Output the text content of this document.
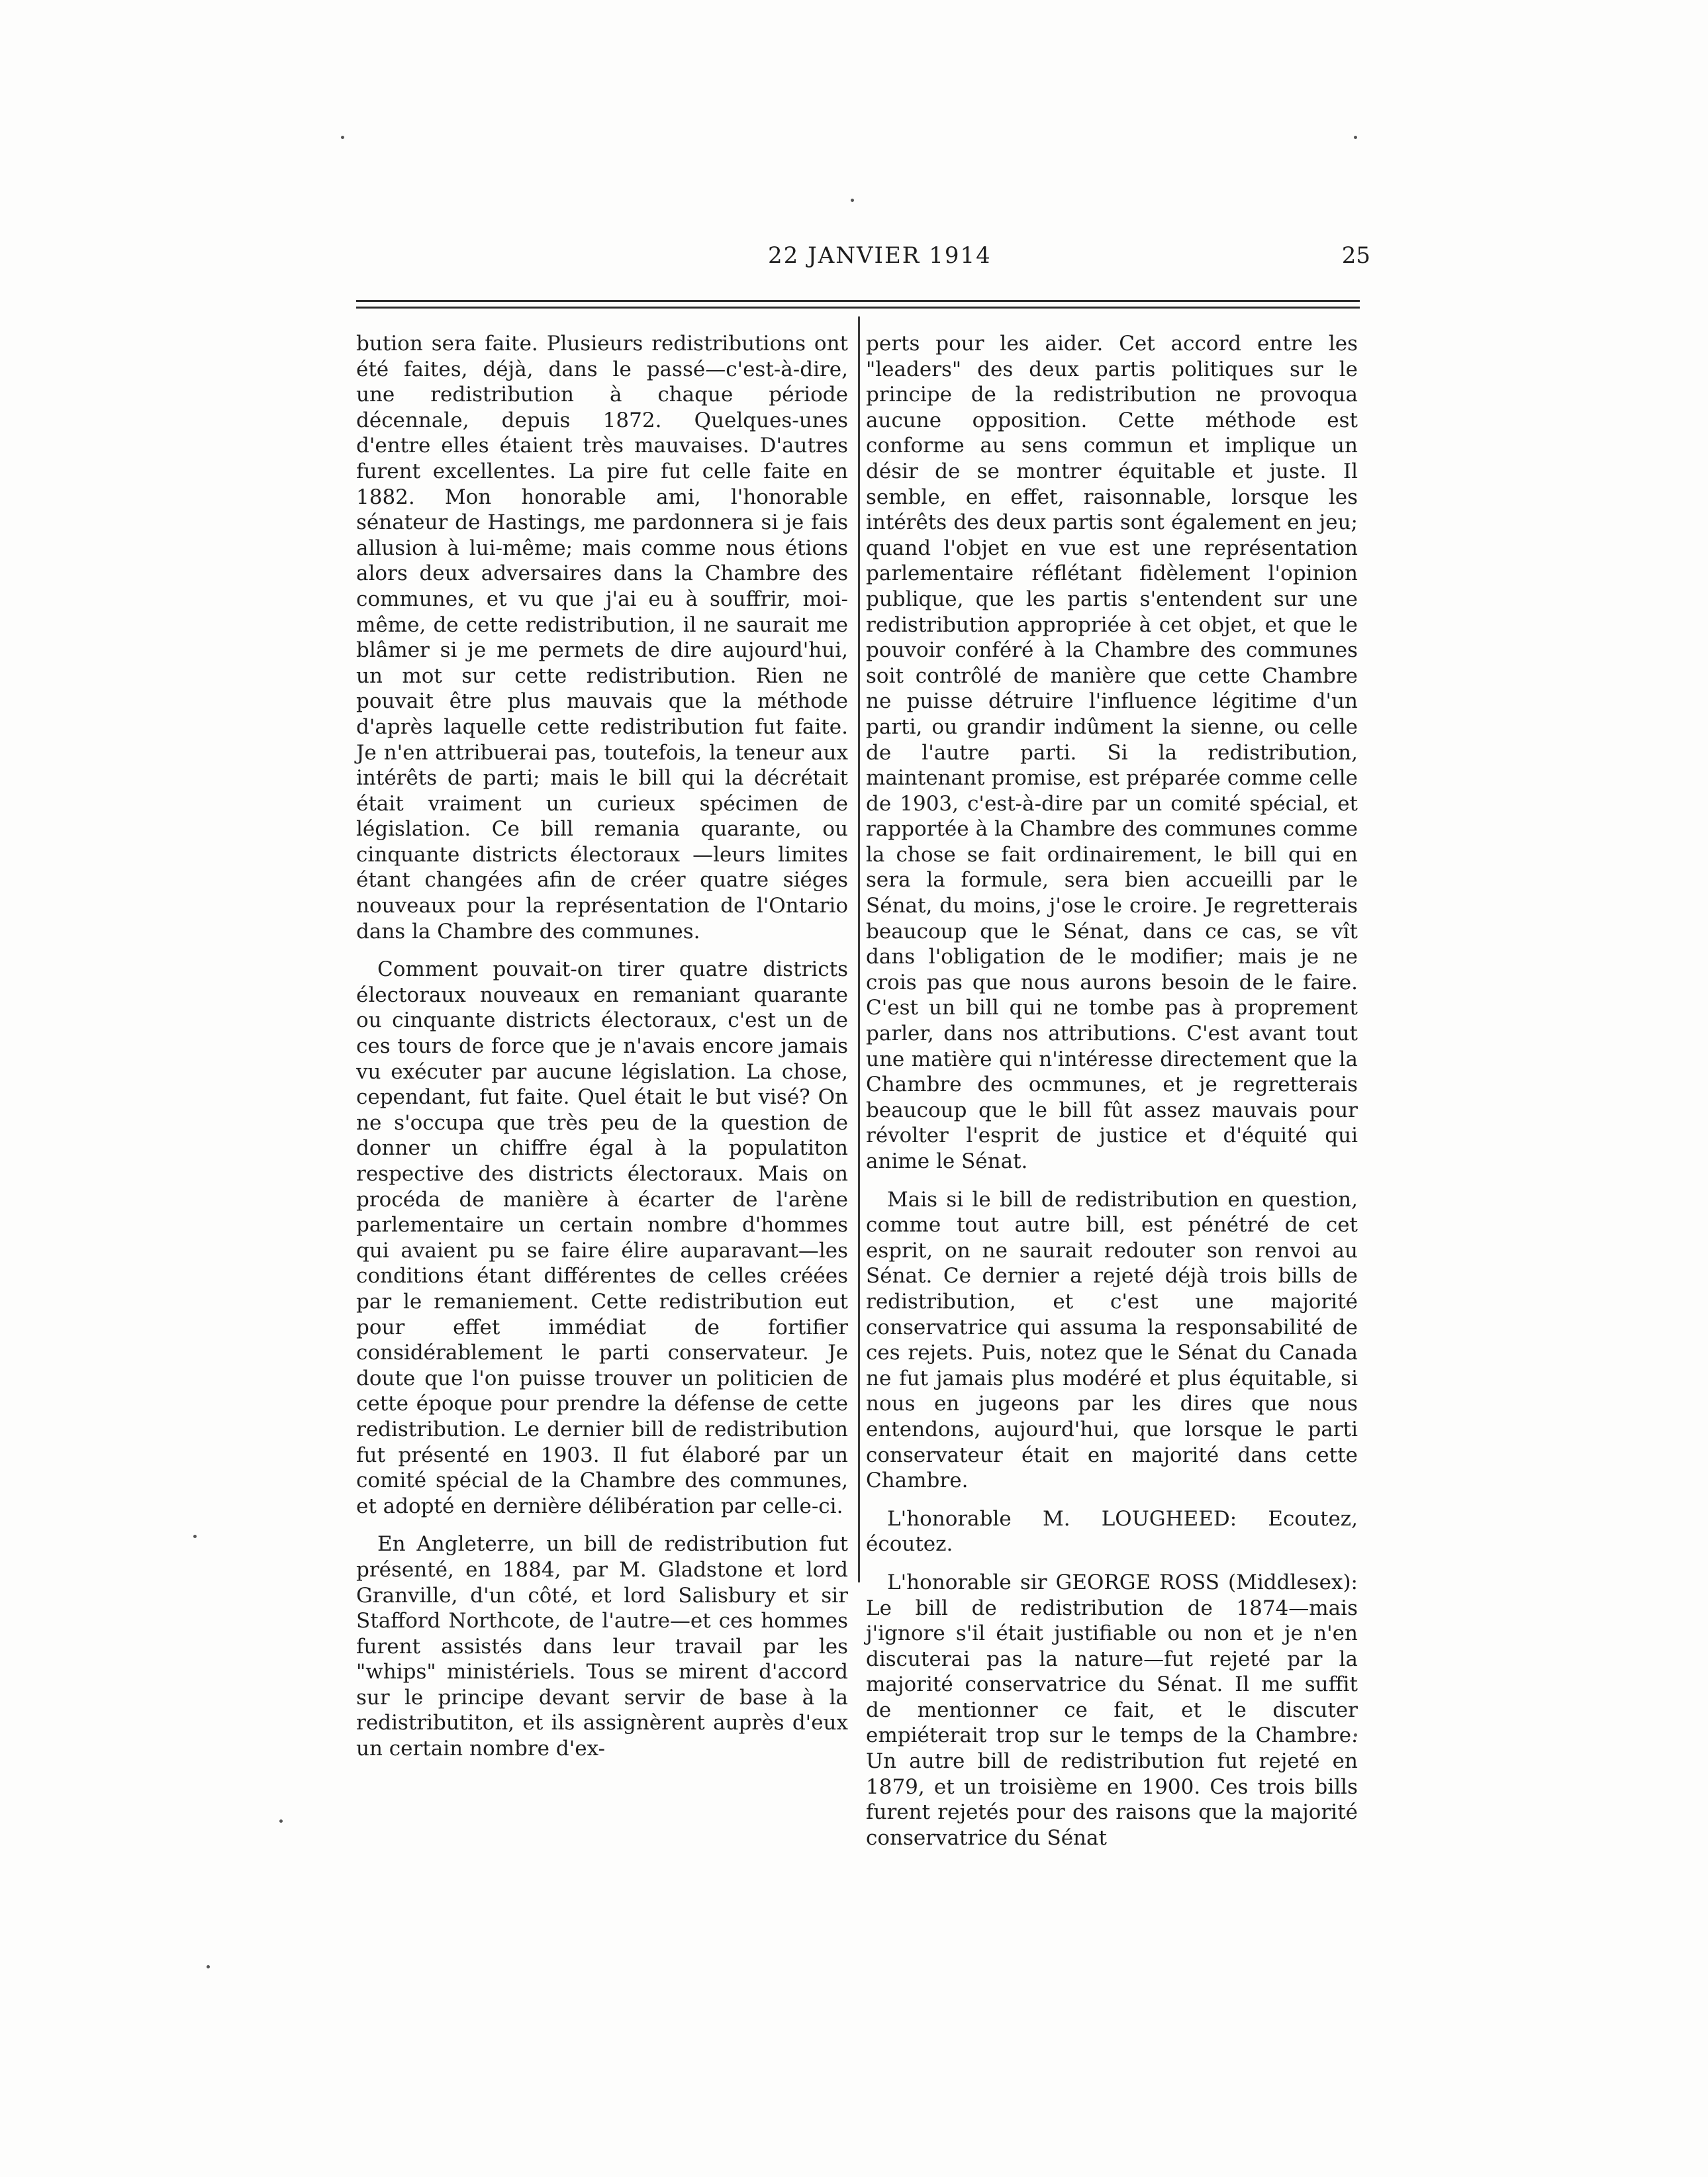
22 JANVIER 1914	25

bution sera faite. Plusieurs redistributions ont été faites, déjà, dans le passé—c'est-à-dire, une redistribution à chaque période décennale, depuis 1872. Quelques-unes d'entre elles étaient très mauvaises. D'autres furent excellentes. La pire fut celle faite en 1882. Mon honorable ami, l'honorable sénateur de Hastings, me pardonnera si je fais allusion à lui-même; mais comme nous étions alors deux adversaires dans la Chambre des communes, et vu que j'ai eu à souffrir, moi-même, de cette redistribution, il ne saurait me blâmer si je me permets de dire aujourd'hui, un mot sur cette redistribution. Rien ne pouvait être plus mauvais que la méthode d'après laquelle cette redistribution fut faite. Je n'en attribuerai pas, toutefois, la teneur aux intérêts de parti; mais le bill qui la décrétait était vraiment un curieux spécimen de législation. Ce bill remania quarante, ou cinquante districts électoraux —leurs limites étant changées afin de créer quatre siéges nouveaux pour la représentation de l'Ontario dans la Chambre des communes.

Comment pouvait-on tirer quatre districts électoraux nouveaux en remaniant quarante ou cinquante districts électoraux, c'est un de ces tours de force que je n'avais encore jamais vu exécuter par aucune législation. La chose, cependant, fut faite. Quel était le but visé? On ne s'occupa que très peu de la question de donner un chiffre égal à la populatiton respective des districts électoraux. Mais on procéda de manière à écarter de l'arène parlementaire un certain nombre d'hommes qui avaient pu se faire élire auparavant—les conditions étant différentes de celles créées par le remaniement. Cette redistribution eut pour effet immédiat de fortifier considérablement le parti conservateur. Je doute que l'on puisse trouver un politicien de cette époque pour prendre la défense de cette redistribution. Le dernier bill de redistribution fut présenté en 1903. Il fut élaboré par un comité spécial de la Chambre des communes, et adopté en dernière délibération par celle-ci.

En Angleterre, un bill de redistribution fut présenté, en 1884, par M. Gladstone et lord Granville, d'un côté, et lord Salisbury et sir Stafford Northcote, de l'autre—et ces hommes furent assistés dans leur travail par les "whips" ministériels. Tous se mirent d'accord sur le principe devant servir de base à la redistributiton, et ils assignèrent auprès d'eux un certain nombre d'ex-

perts pour les aider. Cet accord entre les "leaders" des deux partis politiques sur le principe de la redistribution ne provoqua aucune opposition. Cette méthode est conforme au sens commun et implique un désir de se montrer équitable et juste. Il semble, en effet, raisonnable, lorsque les intérêts des deux partis sont également en jeu; quand l'objet en vue est une représentation parlementaire réflétant fidèlement l'opinion publique, que les partis s'entendent sur une redistribution appropriée à cet objet, et que le pouvoir conféré à la Chambre des communes soit contrôlé de manière que cette Chambre ne puisse détruire l'influence légitime d'un parti, ou grandir indûment la sienne, ou celle de l'autre parti. Si la redistribution, maintenant promise, est préparée comme celle de 1903, c'est-à-dire par un comité spécial, et rapportée à la Chambre des communes comme la chose se fait ordinairement, le bill qui en sera la formule, sera bien accueilli par le Sénat, du moins, j'ose le croire. Je regretterais beaucoup que le Sénat, dans ce cas, se vît dans l'obligation de le modifier; mais je ne crois pas que nous aurons besoin de le faire. C'est un bill qui ne tombe pas à proprement parler, dans nos attributions. C'est avant tout une matière qui n'intéresse directement que la Chambre des ocmmunes, et je regretterais beaucoup que le bill fût assez mauvais pour révolter l'esprit de justice et d'équité qui anime le Sénat.

Mais si le bill de redistribution en question, comme tout autre bill, est pénétré de cet esprit, on ne saurait redouter son renvoi au Sénat. Ce dernier a rejeté déjà trois bills de redistribution, et c'est une majorité conservatrice qui assuma la responsabilité de ces rejets. Puis, notez que le Sénat du Canada ne fut jamais plus modéré et plus équitable, si nous en jugeons par les dires que nous entendons, aujourd'hui, que lorsque le parti conservateur était en majorité dans cette Chambre.

L'honorable M. LOUGHEED: Ecoutez, écoutez.

L'honorable sir GEORGE ROSS (Middlesex): Le bill de redistribution de 1874—mais j'ignore s'il était justifiable ou non et je n'en discuterai pas la nature—fut rejeté par la majorité conservatrice du Sénat. Il me suffit de mentionner ce fait, et le discuter empiéterait trop sur le temps de la Chambre. Un autre bill de redistribution fut rejeté en 1879, et un troisième en 1900. Ces trois bills furent rejetés pour des raisons que la majorité conservatrice du Sénat
